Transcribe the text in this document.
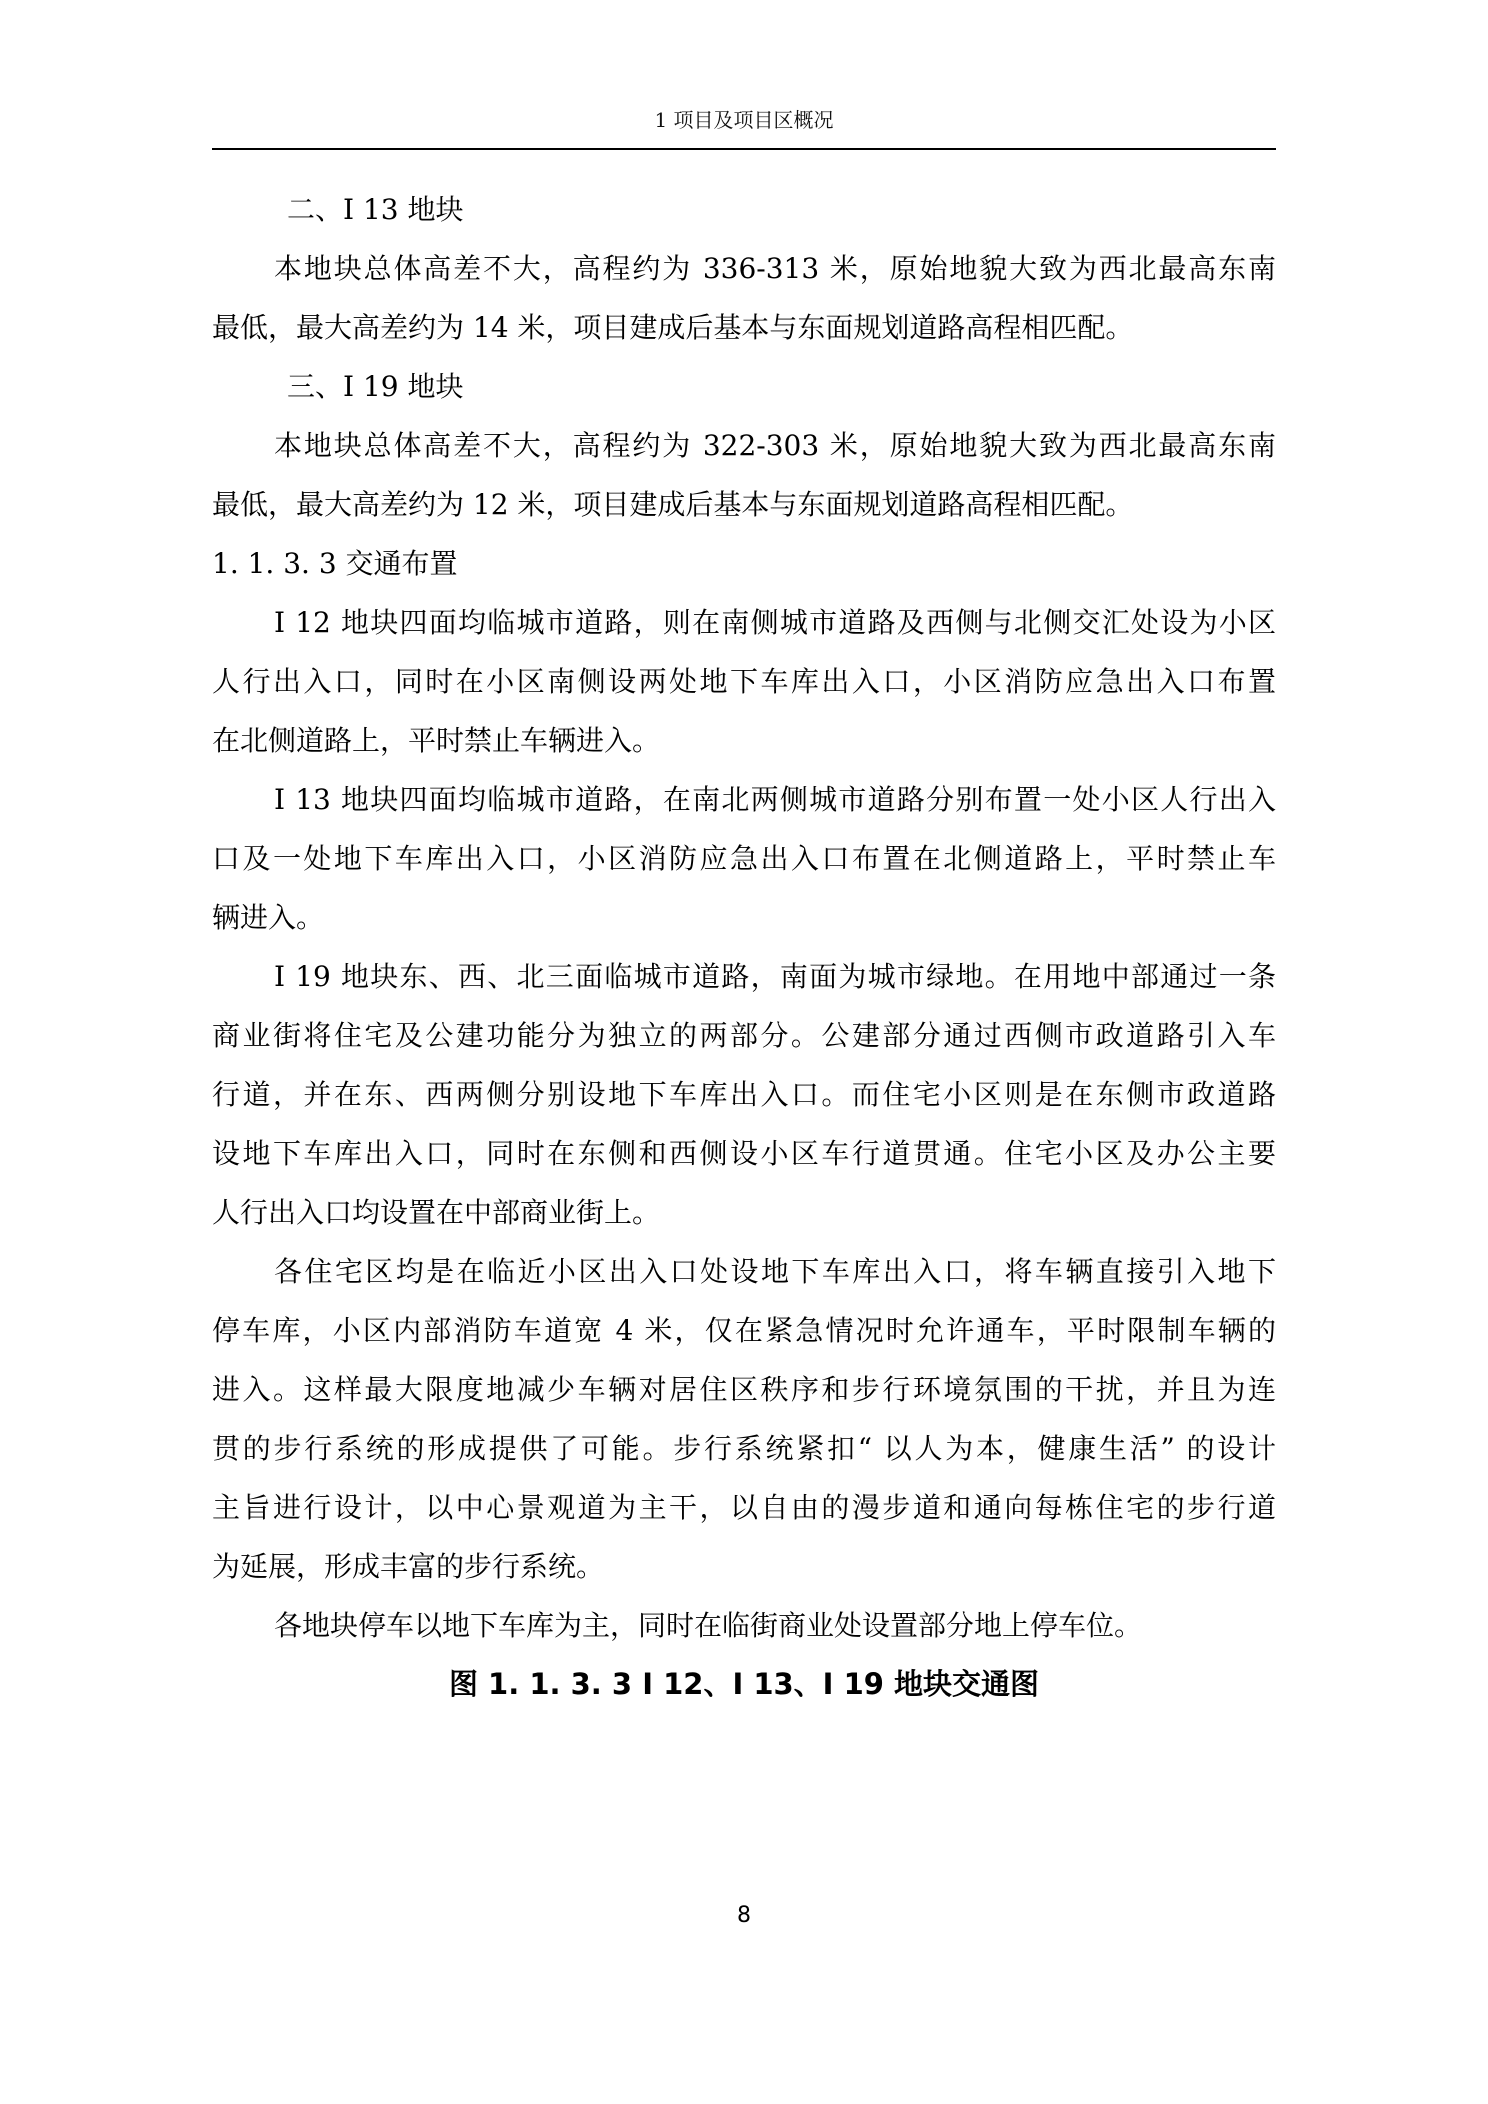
1 项目及项目区概况
二、I 13 地块
本地块总体高差不大，高程约为 336-313 米，原始地貌大致为西北最高东南
最低，最大高差约为 14 米，项目建成后基本与东面规划道路高程相匹配。
三、I 19 地块
本地块总体高差不大，高程约为 322-303 米，原始地貌大致为西北最高东南
最低，最大高差约为 12 米，项目建成后基本与东面规划道路高程相匹配。
1. 1. 3. 3 交通布置
I 12 地块四面均临城市道路，则在南侧城市道路及西侧与北侧交汇处设为小区
人行出入口，同时在小区南侧设两处地下车库出入口，小区消防应急出入口布置
在北侧道路上，平时禁止车辆进入。
I 13 地块四面均临城市道路，在南北两侧城市道路分别布置一处小区人行出入
口及一处地下车库出入口，小区消防应急出入口布置在北侧道路上，平时禁止车
辆进入。
I 19 地块东、西、北三面临城市道路，南面为城市绿地。在用地中部通过一条
商业街将住宅及公建功能分为独立的两部分。公建部分通过西侧市政道路引入车
行道，并在东、西两侧分别设地下车库出入口。而住宅小区则是在东侧市政道路
设地下车库出入口，同时在东侧和西侧设小区车行道贯通。住宅小区及办公主要
人行出入口均设置在中部商业街上。
各住宅区均是在临近小区出入口处设地下车库出入口，将车辆直接引入地下
停车库，小区内部消防车道宽 4 米，仅在紧急情况时允许通车，平时限制车辆的
进入。这样最大限度地减少车辆对居住区秩序和步行环境氛围的干扰，并且为连
贯的步行系统的形成提供了可能。步行系统紧扣“ 以人为本，健康生活” 的设计
主旨进行设计，以中心景观道为主干，以自由的漫步道和通向每栋住宅的步行道
为延展，形成丰富的步行系统。
各地块停车以地下车库为主，同时在临街商业处设置部分地上停车位。
图 1. 1. 3. 3 I 12、I 13、I 19 地块交通图
8
